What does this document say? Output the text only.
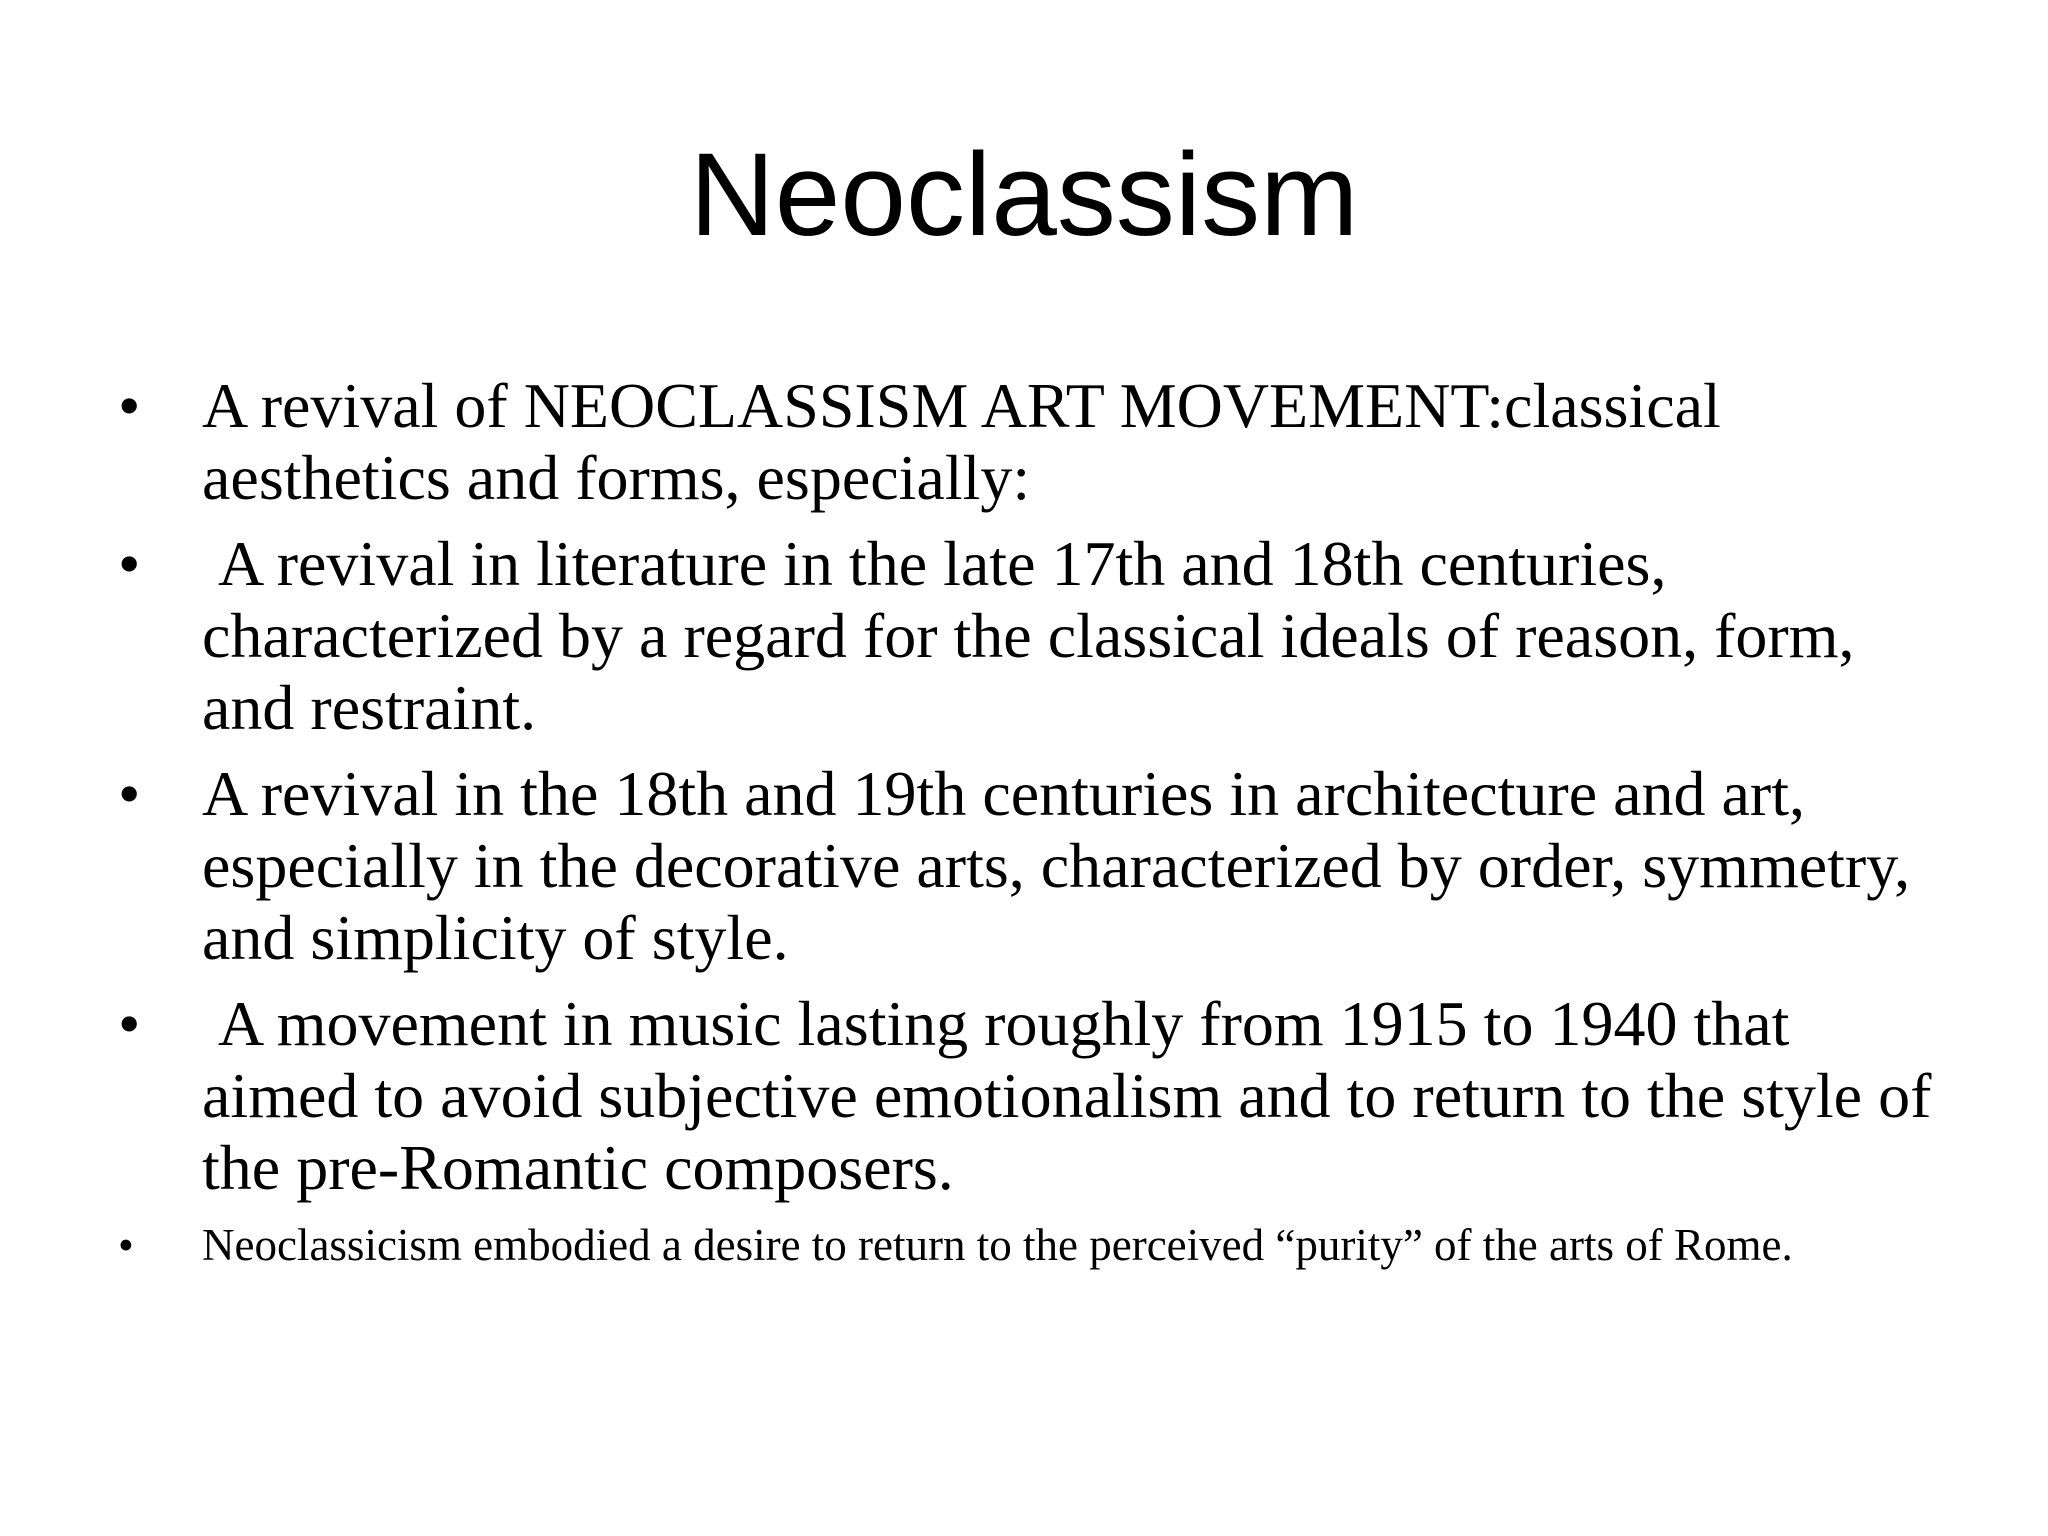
Neoclassism
• A revival of NEOCLASSISM ART MOVEMENT:classical aesthetics and forms, especially:
• A revival in literature in the late 17th and 18th centuries, characterized by a regard for the classical ideals of reason, form, and restraint.
• A revival in the 18th and 19th centuries in architecture and art, especially in the decorative arts, characterized by order, symmetry, and simplicity of style.
• A movement in music lasting roughly from 1915 to 1940 that aimed to avoid subjective emotionalism and to return to the style of the pre-Romantic composers.
• Neoclassicism embodied a desire to return to the perceived “purity” of the arts of Rome.
